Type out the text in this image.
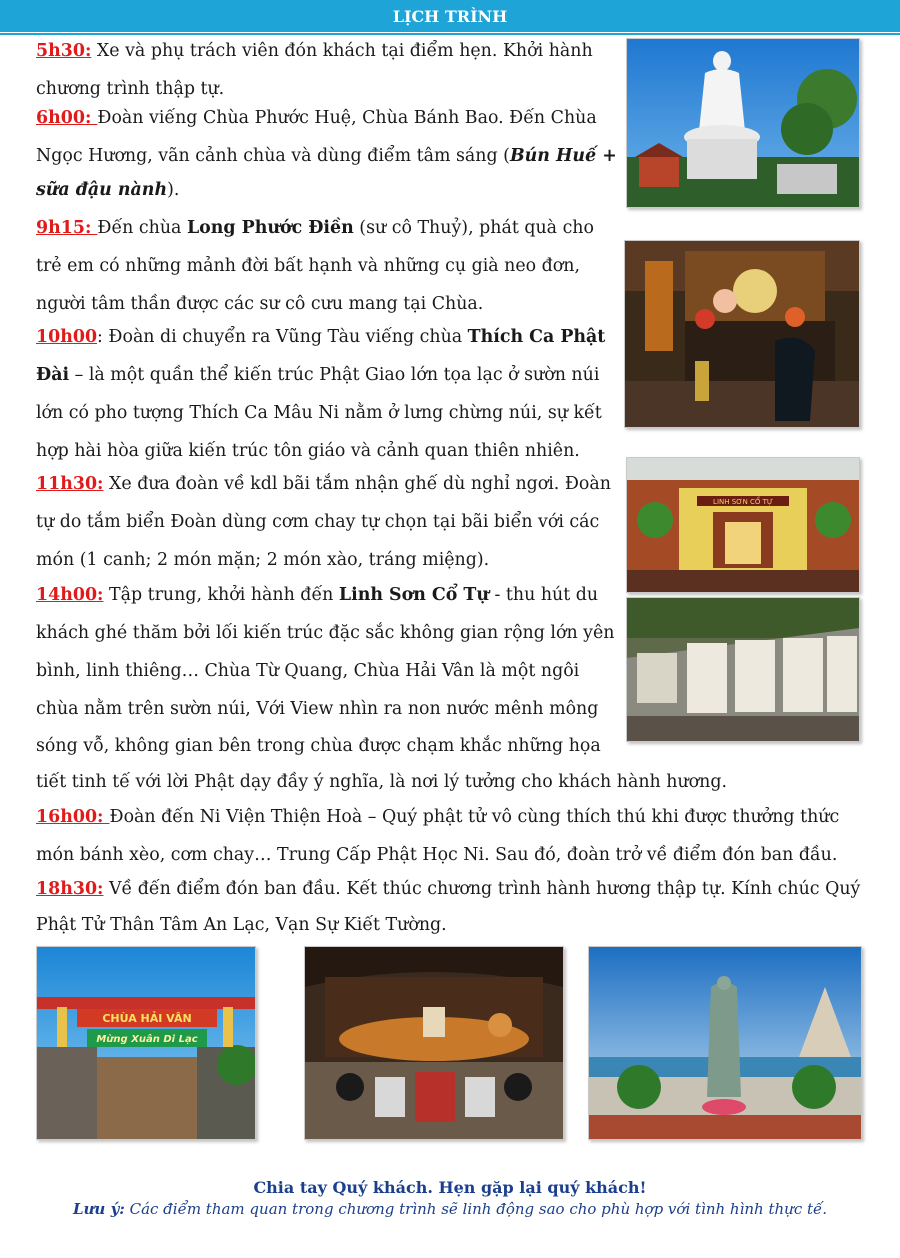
LỊCH TRÌNH
5h30: Xe và phụ trách viên đón khách tại điểm hẹn. Khởi hành
chương trình thập tự.
6h00: Đoàn viếng Chùa Phước Huệ, Chùa Bánh Bao. Đến Chùa
Ngọc Hương, vãn cảnh chùa và dùng điểm tâm sáng (Bún Huế +
sữa đậu nành).
9h15: Đến chùa Long Phước Điền (sư cô Thuỷ), phát quà cho
trẻ em có những mảnh đời bất hạnh và những cụ già neo đơn,
người tâm thần được các sư cô cưu mang tại Chùa.
10h00: Đoàn di chuyển ra Vũng Tàu viếng chùa Thích Ca Phật
Đài – là một quần thể kiến trúc Phật Giao lớn tọa lạc ở sườn núi
lớn có pho tượng Thích Ca Mâu Ni nằm ở lưng chừng núi, sự kết
hợp hài hòa giữa kiến trúc tôn giáo và cảnh quan thiên nhiên.
11h30: Xe đưa đoàn về kdl bãi tắm nhận ghế dù nghỉ ngơi. Đoàn
tự do tắm biển Đoàn dùng cơm chay tự chọn tại bãi biển với các
món (1 canh; 2 món mặn; 2 món xào, tráng miệng).
14h00: Tập trung, khởi hành đến Linh Sơn Cổ Tự - thu hút du
khách ghé thăm bởi lối kiến trúc đặc sắc không gian rộng lớn yên
bình, linh thiêng… Chùa Từ Quang, Chùa Hải Vân là một ngôi
chùa nằm trên sườn núi, Với View nhìn ra non nước mênh mông
sóng vỗ, không gian bên trong chùa được chạm khắc những họa
tiết tinh tế với lời Phật dạy đầy ý nghĩa, là nơi lý tưởng cho khách hành hương.
16h00: Đoàn đến Ni Viện Thiện Hoà – Quý phật tử vô cùng thích thú khi được thưởng thức
món bánh xèo, cơm chay… Trung Cấp Phật Học Ni. Sau đó, đoàn trở về điểm đón ban đầu.
18h30: Về đến điểm đón ban đầu. Kết thúc chương trình hành hương thập tự. Kính chúc Quý
Phật Tử Thân Tâm An Lạc, Vạn Sự Kiết Tường.
LINH SƠN CỔ TỰ
CHÙA HẢI VÂN
Mừng Xuân Di Lạc
Chia tay Quý khách. Hẹn gặp lại quý khách!
Lưu ý: Các điểm tham quan trong chương trình sẽ linh động sao cho phù hợp với tình hình thực tế.
